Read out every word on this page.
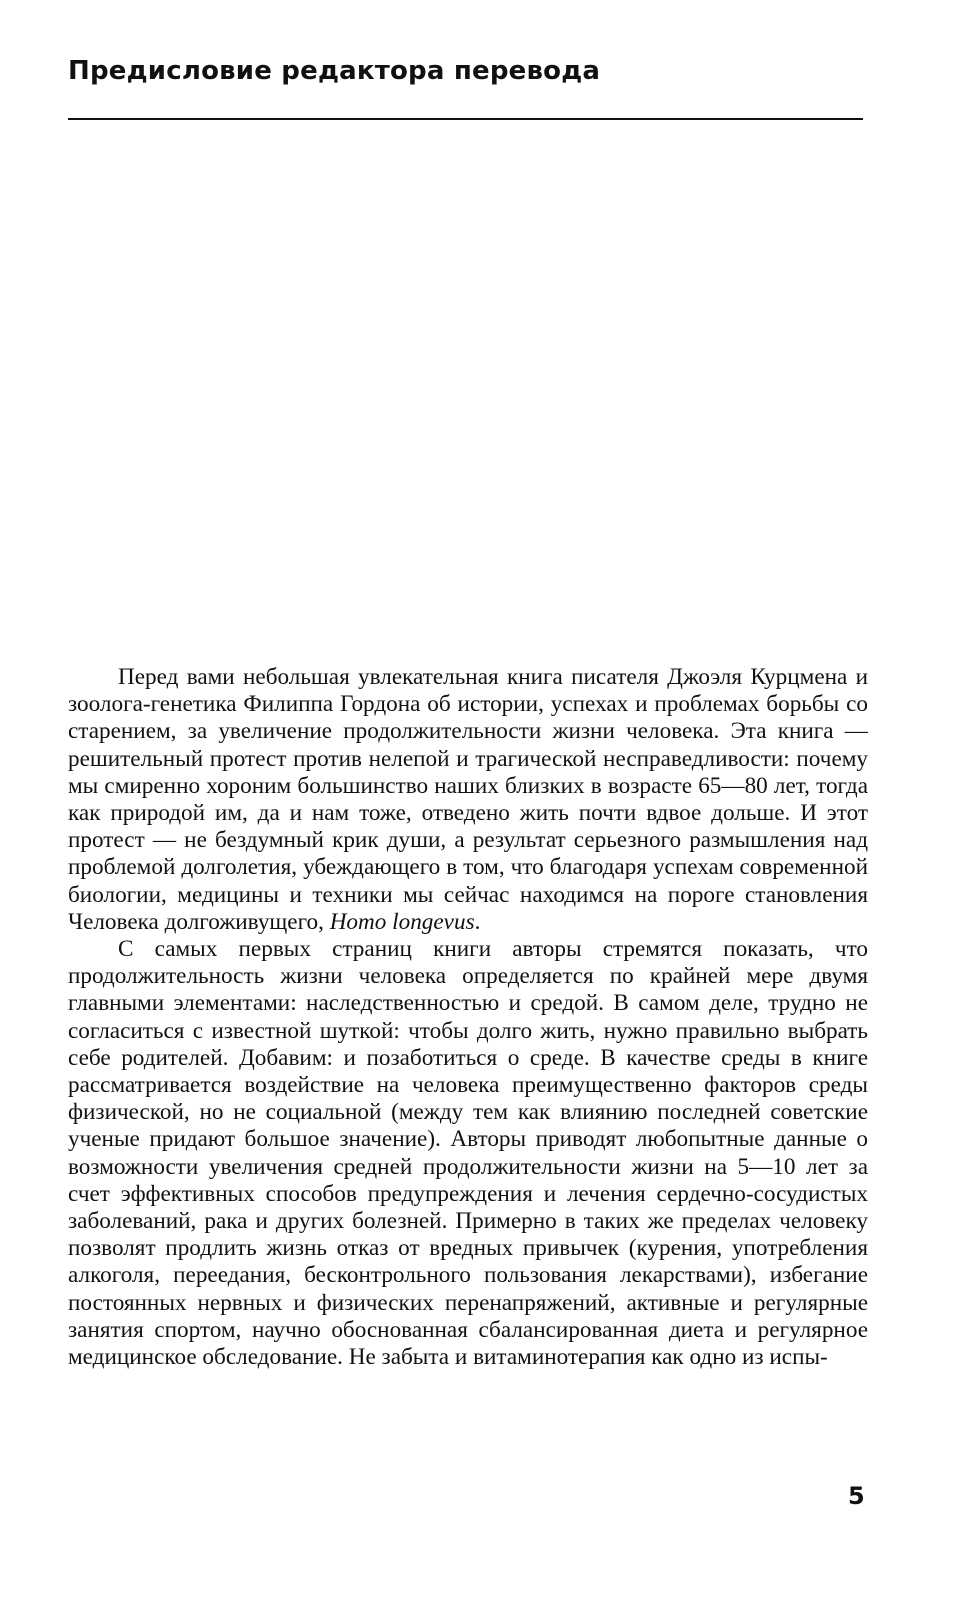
Предисловие редактора перевода

Перед вами небольшая увлекательная книга писателя Джоэля Курцмена и зоолога-генетика Филиппа Гордона об истории, успехах и проблемах борьбы со старением, за увеличение продолжительности жизни человека. Эта книга — решительный протест против нелепой и трагической несправедливости: почему мы смиренно хороним большинство наших близких в возрасте 65—80 лет, тогда как природой им, да и нам тоже, отведено жить почти вдвое дольше. И этот протест — не бездумный крик души, а результат серьезного размышления над проблемой долголетия, убеждающего в том, что благодаря успехам современной биологии, медицины и техники мы сейчас находимся на пороге становления Человека долгоживущего, Homo longevus.

С самых первых страниц книги авторы стремятся показать, что продолжительность жизни человека определяется по крайней мере двумя главными элементами: наследственностью и средой. В самом деле, трудно не согласиться с известной шуткой: чтобы долго жить, нужно правильно выбрать себе родителей. Добавим: и позаботиться о среде. В качестве среды в книге рассматривается воздействие на человека преимущественно факторов среды физической, но не социальной (между тем как влиянию последней советские ученые придают большое значение). Авторы приводят любопытные данные о возможности увеличения средней продолжительности жизни на 5—10 лет за счет эффективных способов предупреждения и лечения сердечно-сосудистых заболеваний, рака и других болезней. Примерно в таких же пределах человеку позволят продлить жизнь отказ от вредных привычек (курения, употребления алкоголя, переедания, бесконтрольного пользования лекарствами), избегание постоянных нервных и физических перенапряжений, активные и регулярные занятия спортом, научно обоснованная сбалансированная диета и регулярное медицинское обследование. Не забыта и витаминотерапия как одно из испы-

5
